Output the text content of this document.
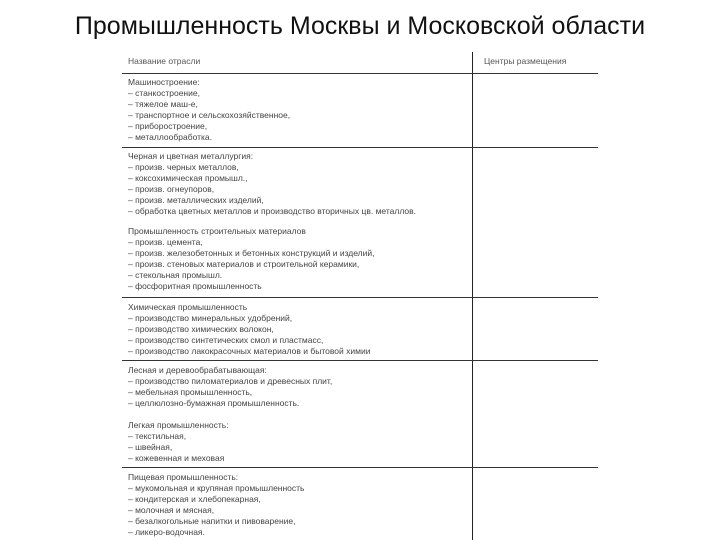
Промышленность Москвы и Московской области
Название отрасли	Центры размещения
Машиностроение:
– станкостроение,
– тяжелое маш-е,
– транспортное и сельскохозяйственное,
– приборостроение,
– металлообработка.
Черная и цветная металлургия:
– произв. черных металлов,
– коксохимическая промышл.,
– произв. огнеупоров,
– произв. металлических изделий,
– обработка цветных металлов и производство вторичных цв. металлов.
Промышленность строительных материалов
– произв. цемента,
– произв. железобетонных и бетонных конструкций и изделий,
– произв. стеновых материалов и строительной керамики,
– стекольная промышл.
– фосфоритная промышленность
Химическая промышленность
– производство минеральных удобрений,
– производство химических волокон,
– производство синтетических смол и пластмасс,
– производство лакокрасочных материалов и бытовой химии
Лесная и деревообрабатывающая:
– производство пиломатериалов и древесных плит,
– мебельная промышленность,
– целлюлозно-бумажная промышленность.
Легкая промышленность:
– текстильная,
– швейная,
– кожевенная и меховая
Пищевая промышленность:
– мукомольная и крупяная промышленность
– кондитерская и хлебопекарная,
– молочная и мясная,
– безалкогольные напитки и пивоварение,
– ликеро-водочная.
